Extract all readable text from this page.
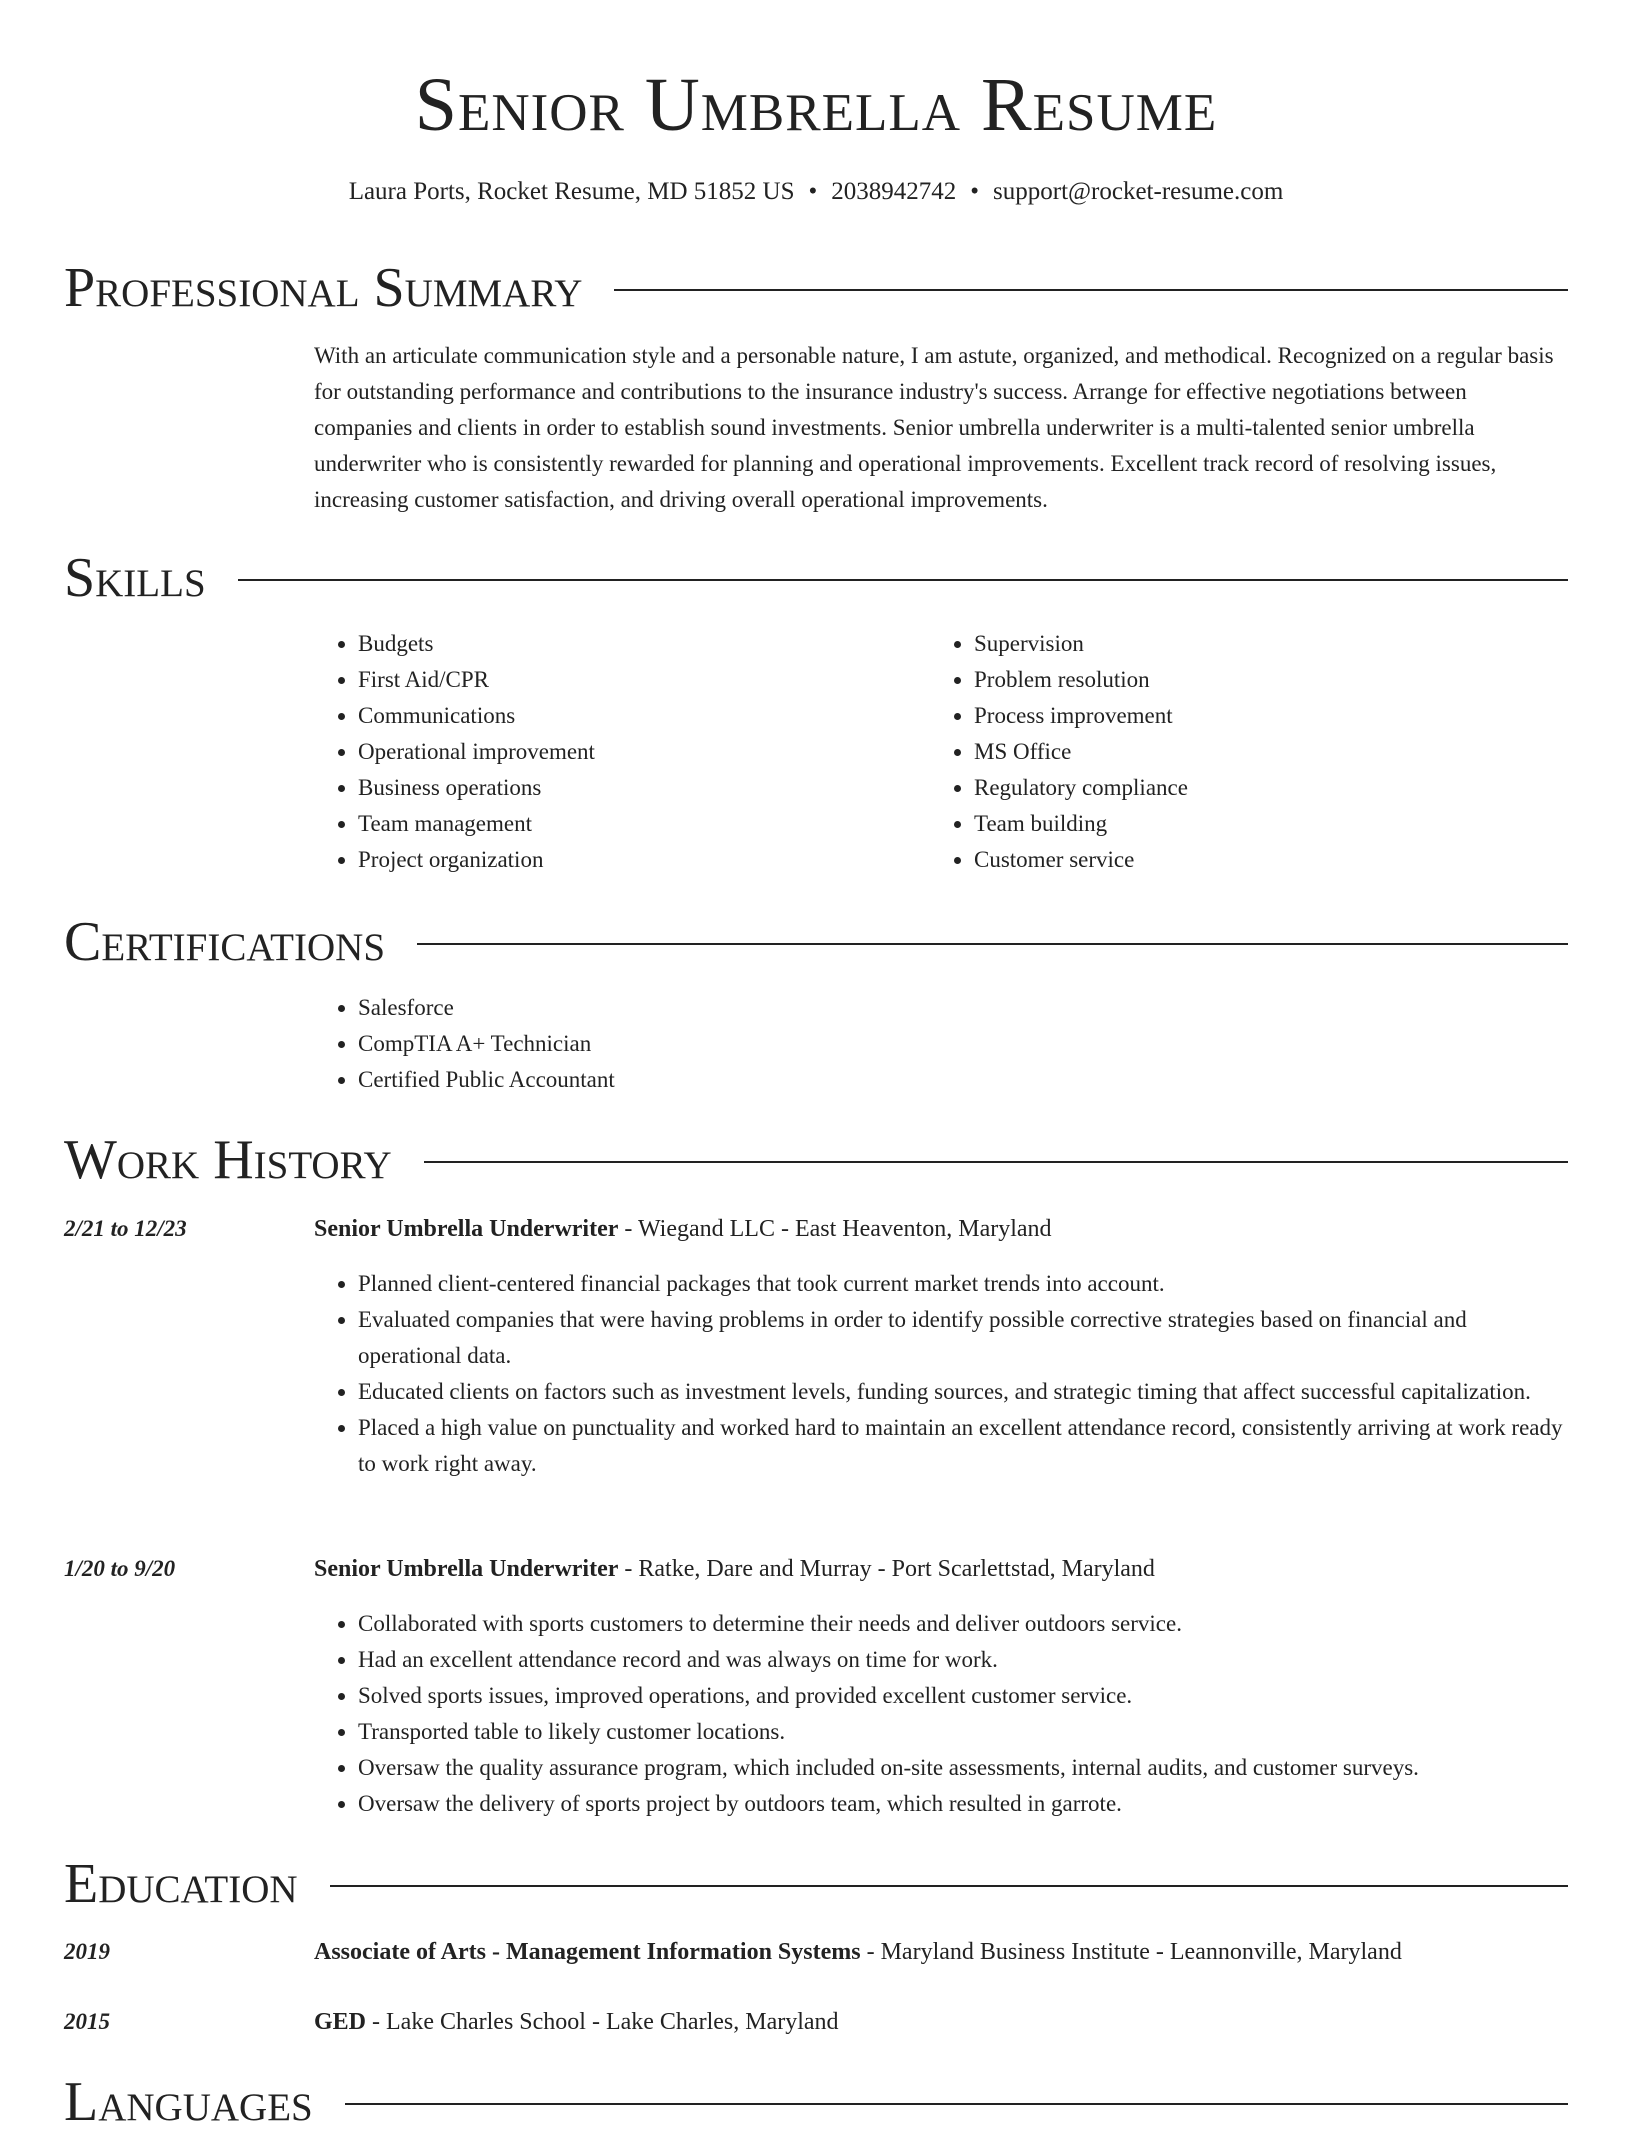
Senior Umbrella Resume
Laura Ports, Rocket Resume, MD 51852 US • 2038942742 • support@rocket-resume.com
Professional Summary
With an articulate communication style and a personable nature, I am astute, organized, and methodical. Recognized on a regular basis for outstanding performance and contributions to the insurance industry's success. Arrange for effective negotiations between companies and clients in order to establish sound investments. Senior umbrella underwriter is a multi-talented senior umbrella underwriter who is consistently rewarded for planning and operational improvements. Excellent track record of resolving issues, increasing customer satisfaction, and driving overall operational improvements.
Skills
• Budgets
• First Aid/CPR
• Communications
• Operational improvement
• Business operations
• Team management
• Project organization
• Supervision
• Problem resolution
• Process improvement
• MS Office
• Regulatory compliance
• Team building
• Customer service
Certifications
• Salesforce
• CompTIA A+ Technician
• Certified Public Accountant
Work History
2/21 to 12/23	Senior Umbrella Underwriter - Wiegand LLC - East Heaventon, Maryland
• Planned client-centered financial packages that took current market trends into account.
• Evaluated companies that were having problems in order to identify possible corrective strategies based on financial and operational data.
• Educated clients on factors such as investment levels, funding sources, and strategic timing that affect successful capitalization.
• Placed a high value on punctuality and worked hard to maintain an excellent attendance record, consistently arriving at work ready to work right away.
1/20 to 9/20	Senior Umbrella Underwriter - Ratke, Dare and Murray - Port Scarlettstad, Maryland
• Collaborated with sports customers to determine their needs and deliver outdoors service.
• Had an excellent attendance record and was always on time for work.
• Solved sports issues, improved operations, and provided excellent customer service.
• Transported table to likely customer locations.
• Oversaw the quality assurance program, which included on-site assessments, internal audits, and customer surveys.
• Oversaw the delivery of sports project by outdoors team, which resulted in garrote.
Education
2019	Associate of Arts - Management Information Systems - Maryland Business Institute - Leannonville, Maryland
2015	GED - Lake Charles School - Lake Charles, Maryland
Languages
